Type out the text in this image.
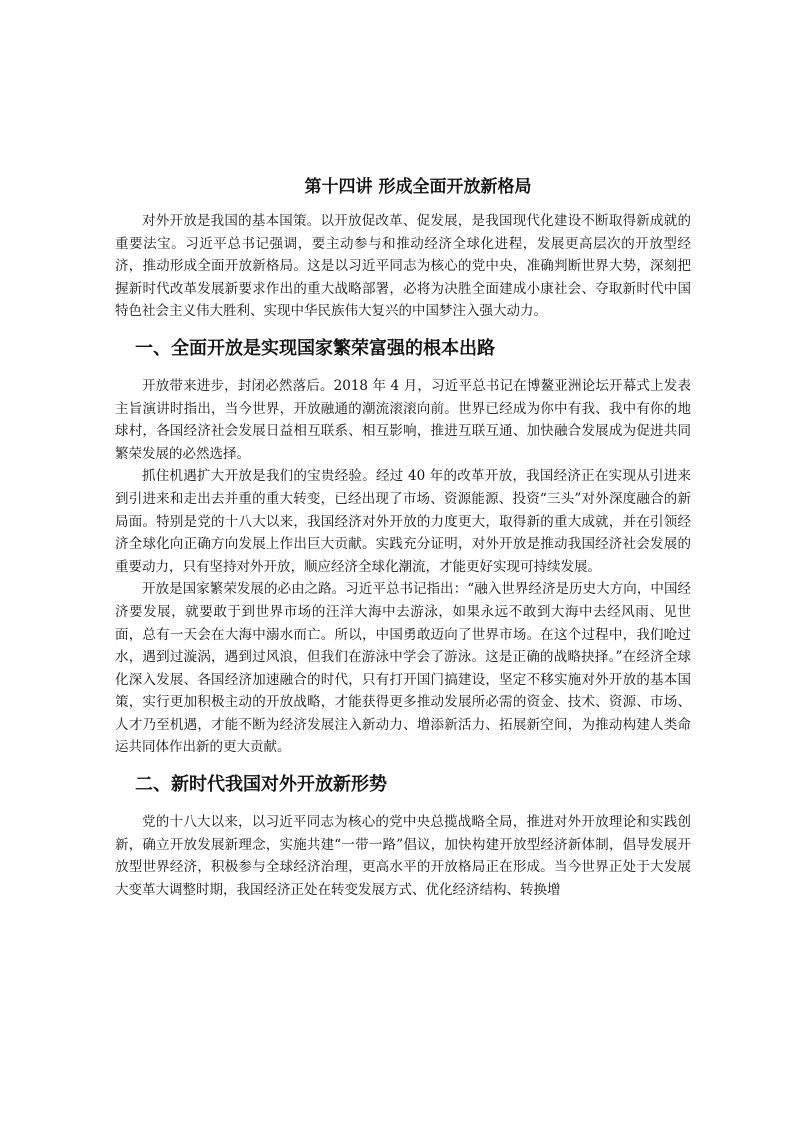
第十四讲 形成全面开放新格局

对外开放是我国的基本国策。以开放促改革、促发展，是我国现代化建设不断取得新成就的重要法宝。习近平总书记强调，要主动参与和推动经济全球化进程，发展更高层次的开放型经济，推动形成全面开放新格局。这是以习近平同志为核心的党中央，准确判断世界大势，深刻把握新时代改革发展新要求作出的重大战略部署，必将为决胜全面建成小康社会、夺取新时代中国特色社会主义伟大胜利、实现中华民族伟大复兴的中国梦注入强大动力。

一、全面开放是实现国家繁荣富强的根本出路

开放带来进步，封闭必然落后。2018 年 4 月，习近平总书记在博鳌亚洲论坛开幕式上发表主旨演讲时指出，当今世界，开放融通的潮流滚滚向前。世界已经成为你中有我、我中有你的地球村，各国经济社会发展日益相互联系、相互影响，推进互联互通、加快融合发展成为促进共同繁荣发展的必然选择。

抓住机遇扩大开放是我们的宝贵经验。经过 40 年的改革开放，我国经济正在实现从引进来到引进来和走出去并重的重大转变，已经出现了市场、资源能源、投资“三头”对外深度融合的新局面。特别是党的十八大以来，我国经济对外开放的力度更大，取得新的重大成就，并在引领经济全球化向正确方向发展上作出巨大贡献。实践充分证明，对外开放是推动我国经济社会发展的重要动力，只有坚持对外开放，顺应经济全球化潮流，才能更好实现可持续发展。

开放是国家繁荣发展的必由之路。习近平总书记指出：“融入世界经济是历史大方向，中国经济要发展，就要敢于到世界市场的汪洋大海中去游泳，如果永远不敢到大海中去经风雨、见世面，总有一天会在大海中溺水而亡。所以，中国勇敢迈向了世界市场。在这个过程中，我们呛过水，遇到过漩涡，遇到过风浪，但我们在游泳中学会了游泳。这是正确的战略抉择。”在经济全球化深入发展、各国经济加速融合的时代，只有打开国门搞建设，坚定不移实施对外开放的基本国策，实行更加积极主动的开放战略，才能获得更多推动发展所必需的资金、技术、资源、市场、人才乃至机遇，才能不断为经济发展注入新动力、增添新活力、拓展新空间，为推动构建人类命运共同体作出新的更大贡献。

二、新时代我国对外开放新形势

党的十八大以来，以习近平同志为核心的党中央总揽战略全局，推进对外开放理论和实践创新，确立开放发展新理念，实施共建“一带一路”倡议，加快构建开放型经济新体制，倡导发展开放型世界经济，积极参与全球经济治理，更高水平的开放格局正在形成。当今世界正处于大发展大变革大调整时期，我国经济正处在转变发展方式、优化经济结构、转换增
